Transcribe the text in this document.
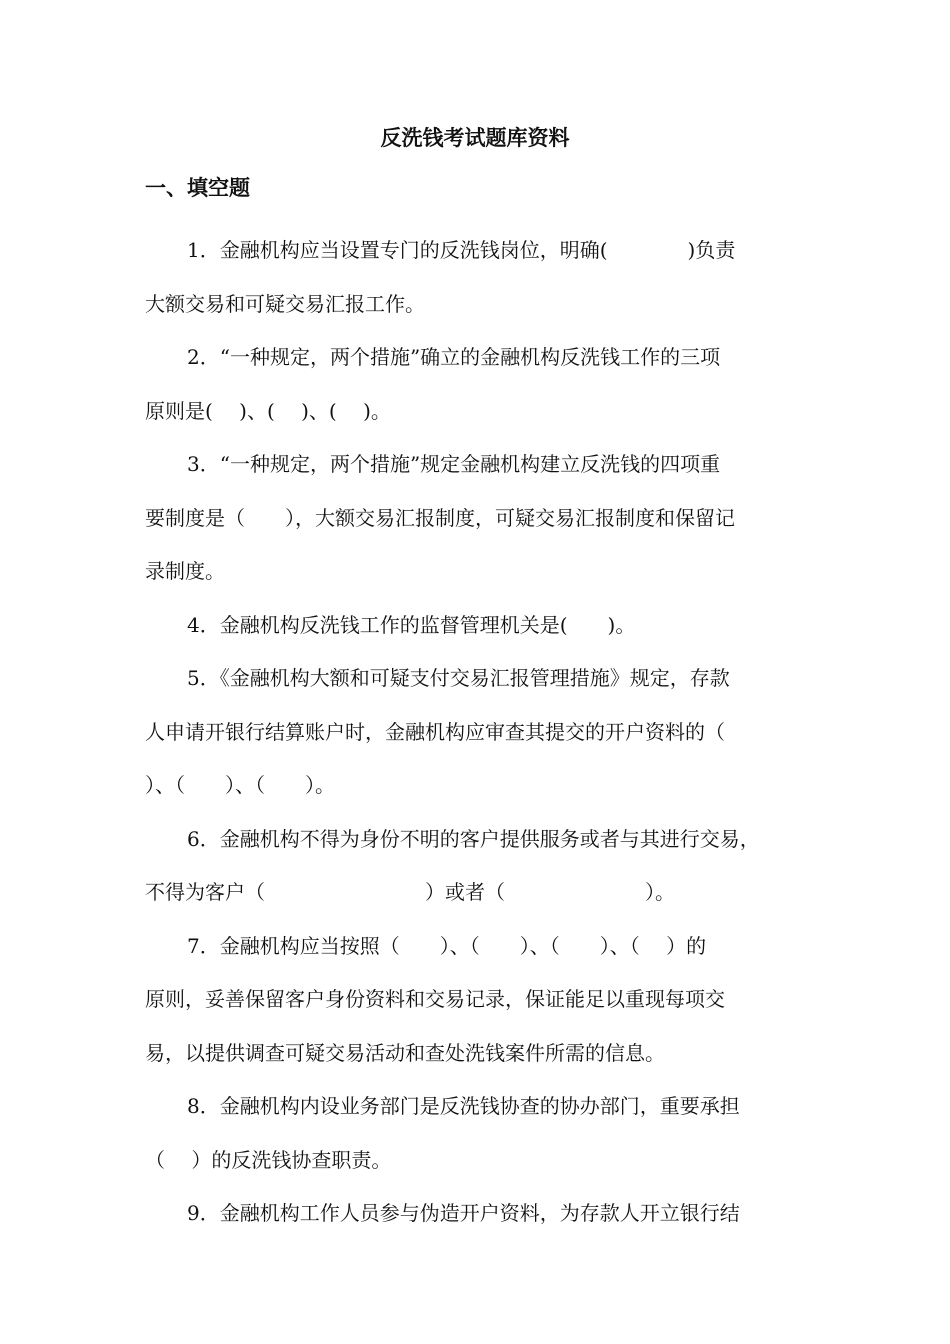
反洗钱考试题库资料
一、填空题

1．金融机构应当设置专门的反洗钱岗位，明确(　　　　)负责
大额交易和可疑交易汇报工作。

2．“一种规定，两个措施”确立的金融机构反洗钱工作的三项
原则是(　 )、(　 )、(　 )。

3．“一种规定，两个措施”规定金融机构建立反洗钱的四项重
要制度是（　　），大额交易汇报制度，可疑交易汇报制度和保留记
录制度。

4．金融机构反洗钱工作的监督管理机关是(　　)。

5．《金融机构大额和可疑支付交易汇报管理措施》规定，存款
人申请开银行结算账户时，金融机构应审查其提交的开户资料的（
）、（　　）、（　　）。

6．金融机构不得为身份不明的客户提供服务或者与其进行交易，
不得为客户（　　　　　　　　）或者（　　　　　　　）。

7．金融机构应当按照（　　）、（　　）、（　　）、（　 ）的
原则，妥善保留客户身份资料和交易记录，保证能足以重现每项交
易，以提供调查可疑交易活动和查处洗钱案件所需的信息。

8．金融机构内设业务部门是反洗钱协查的协办部门，重要承担
（　 ）的反洗钱协查职责。

9．金融机构工作人员参与伪造开户资料，为存款人开立银行结
